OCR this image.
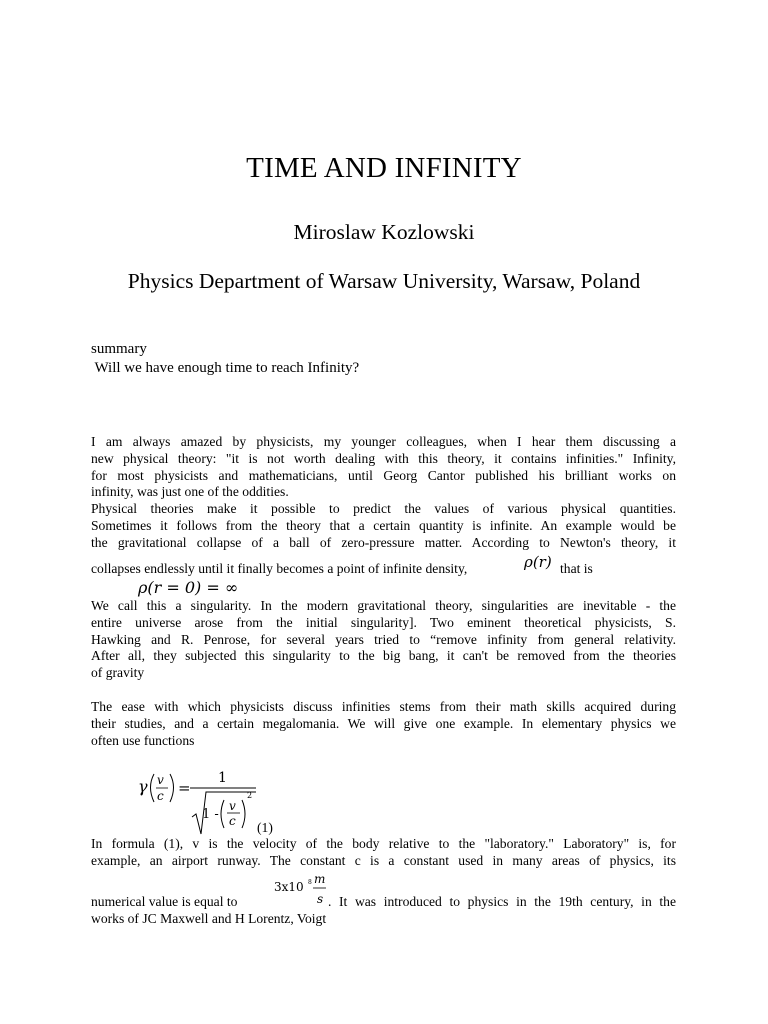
TIME AND INFINITY
Miroslaw Kozlowski
Physics Department of Warsaw University, Warsaw, Poland
summary
Will we have enough time to reach Infinity?
I am always amazed by physicists, my younger colleagues, when I hear them discussing a
new physical theory: "it is not worth dealing with this theory, it contains infinities." Infinity,
for most physicists and mathematicians, until Georg Cantor published his brilliant works on
infinity, was just one of the oddities.
Physical theories make it possible to predict the values of various physical quantities.
Sometimes it follows from the theory that a certain quantity is infinite. An example would be
the gravitational collapse of a ball of zero-pressure matter. According to Newton's theory, it
collapses endlessly until it finally becomes a point of infinite density,	ρ(r) that is
ρ(r = 0) = ∞
We call this a singularity. In the modern gravitational theory, singularities are inevitable - the
entire universe arose from the initial singularity]. Two eminent theoretical physicists, S.
Hawking and R. Penrose, for several years tried to “remove infinity from general relativity.
After all, they subjected this singularity to the big bang, it can't be removed from the theories
of gravity
The ease with which physicists discuss infinities stems from their math skills acquired during
their studies, and a certain megalomania. We will give one example. In elementary physics we
often use functions
γ v
c =
1
1 -
v
c
2
(1)
In formula (1), v is the velocity of the body relative to the "laboratory." Laboratory" is, for
example, an airport runway. The constant c is a constant used in many areas of physics, its
numerical value is equal to
3x10 8 m
s . It was introduced to physics in the 19th century, in the
works of JC Maxwell and H Lorentz, Voigt
